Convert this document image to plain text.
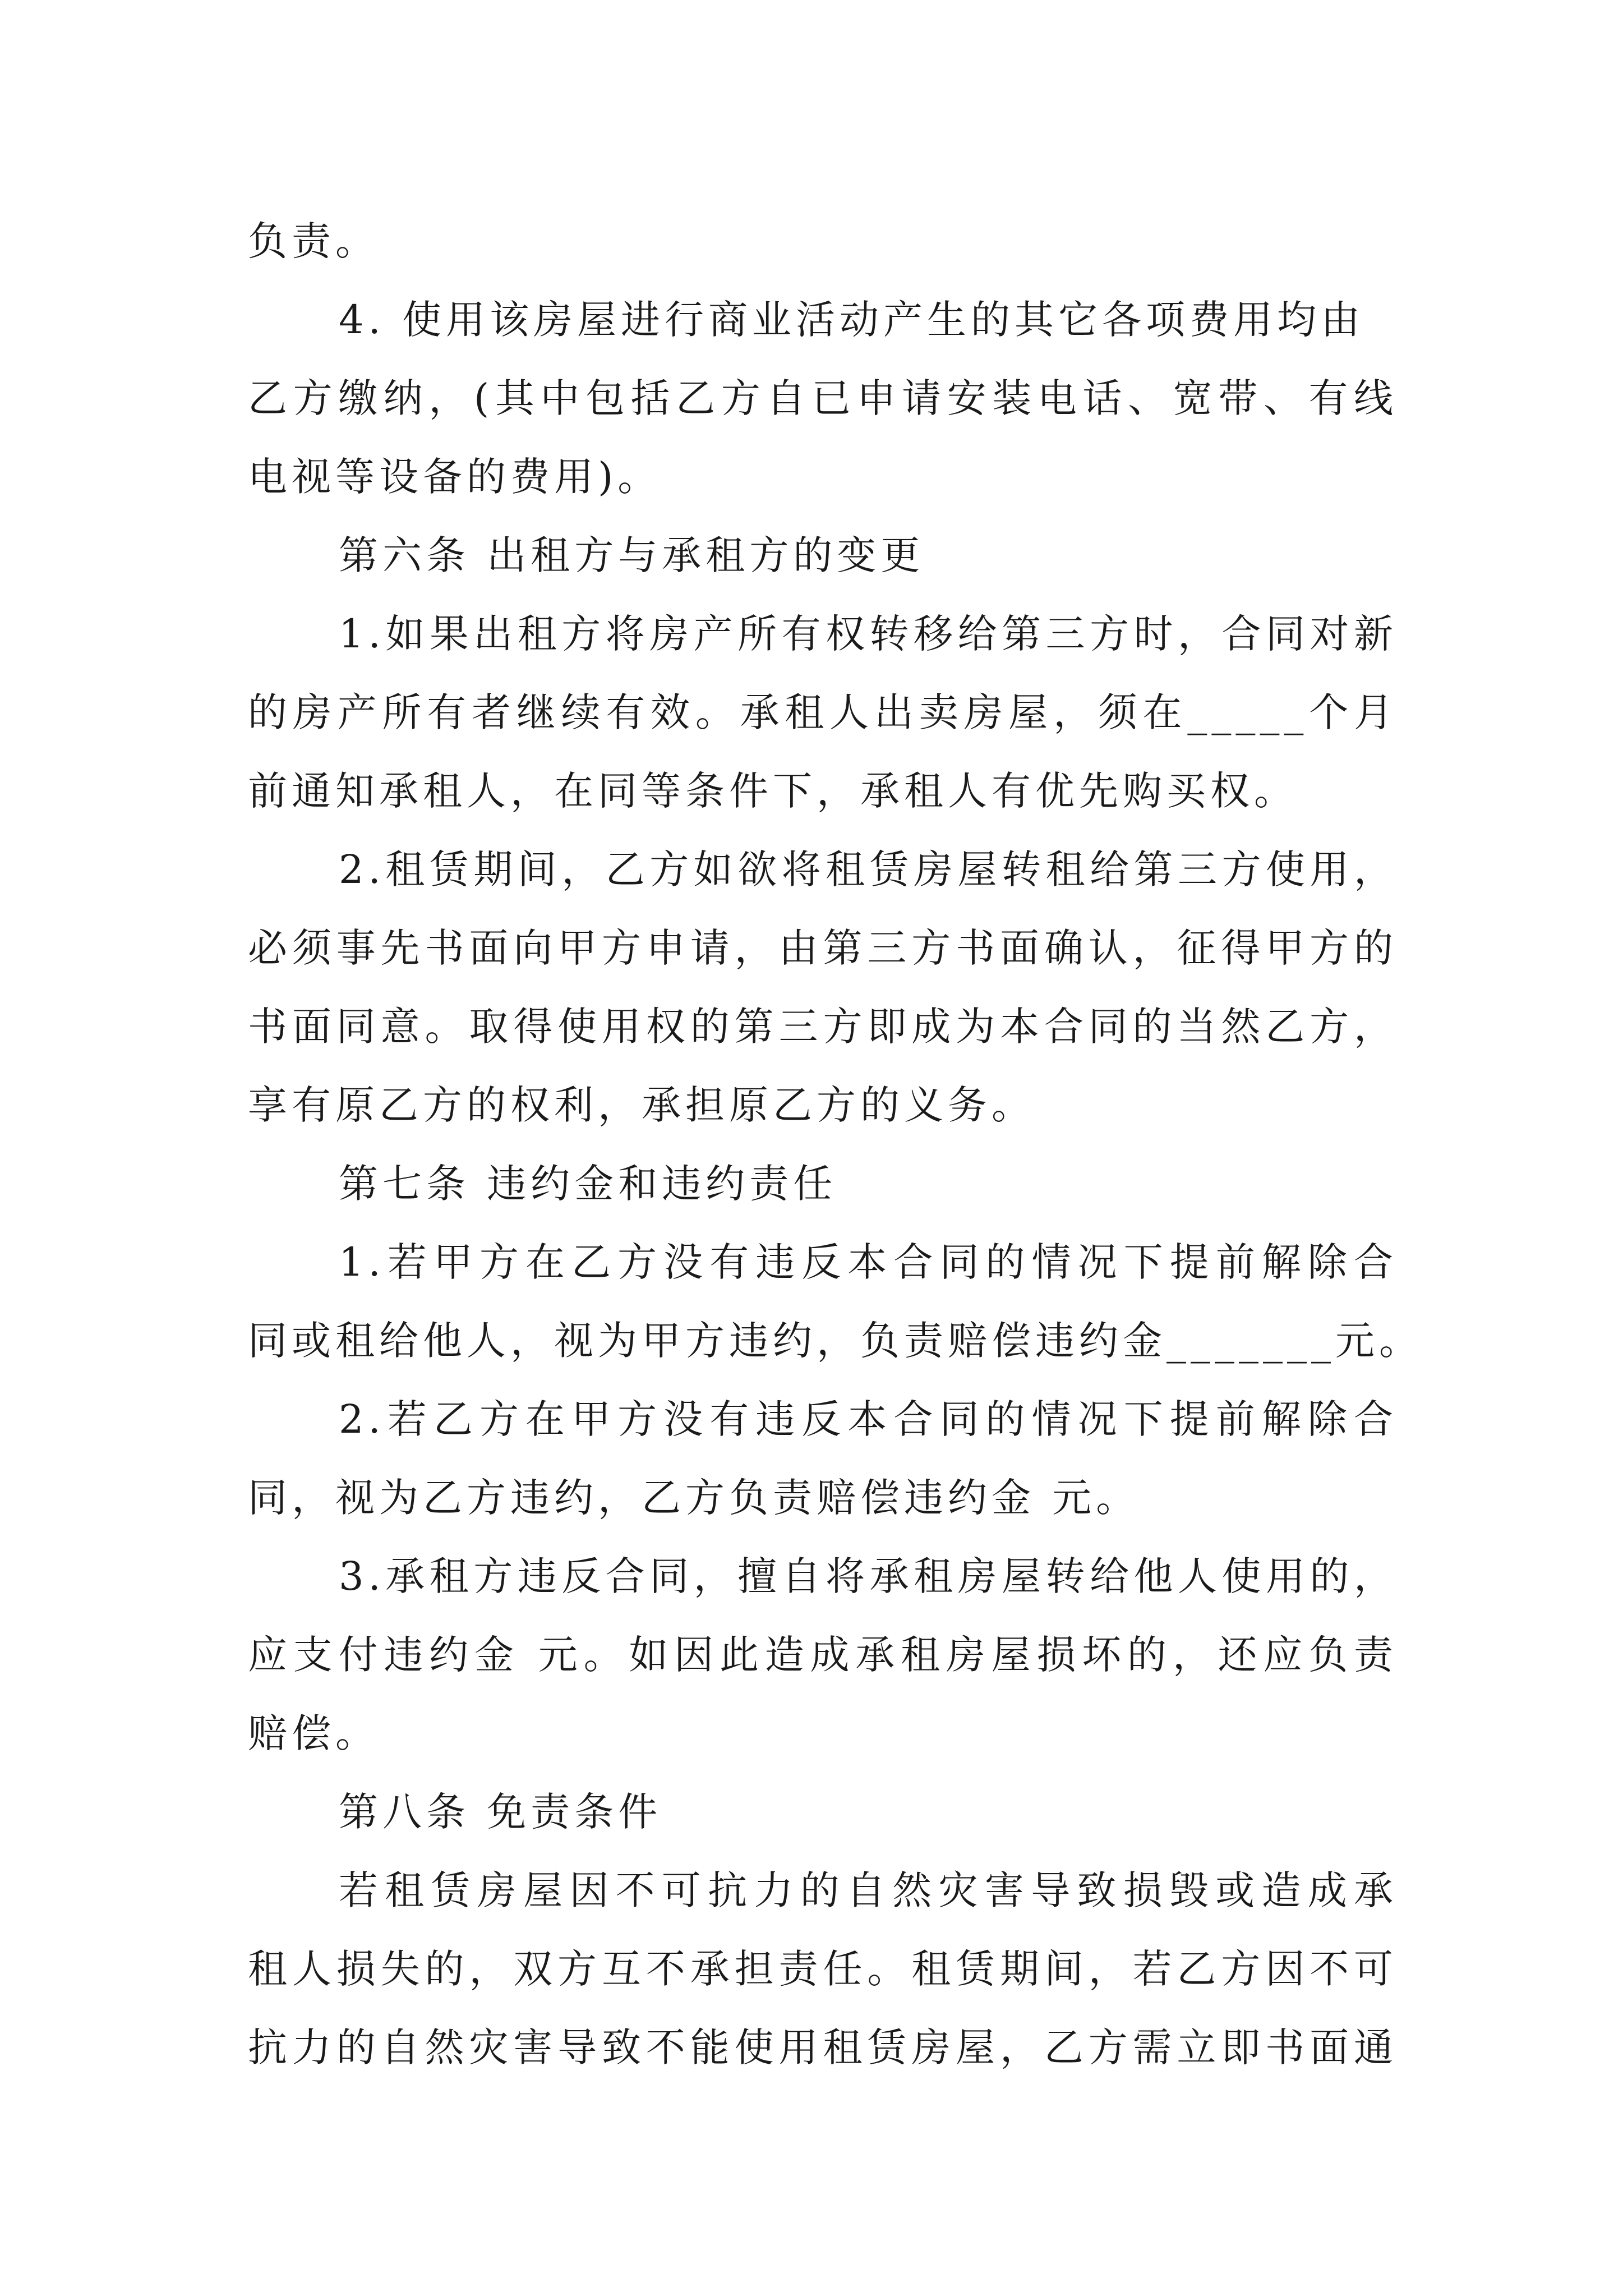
负责。
4. 使用该房屋进行商业活动产生的其它各项费用均由
乙方缴纳，(其中包括乙方自已申请安装电话、宽带、有线
电视等设备的费用)。
第六条 出租方与承租方的变更
1.如果出租方将房产所有权转移给第三方时，合同对新
的房产所有者继续有效。承租人出卖房屋，须在_____个月
前通知承租人，在同等条件下，承租人有优先购买权。
2.租赁期间，乙方如欲将租赁房屋转租给第三方使用，
必须事先书面向甲方申请，由第三方书面确认，征得甲方的
书面同意。取得使用权的第三方即成为本合同的当然乙方，
享有原乙方的权利，承担原乙方的义务。
第七条 违约金和违约责任
1.若甲方在乙方没有违反本合同的情况下提前解除合
同或租给他人，视为甲方违约，负责赔偿违约金_______元。
2.若乙方在甲方没有违反本合同的情况下提前解除合
同，视为乙方违约，乙方负责赔偿违约金 元。
3.承租方违反合同，擅自将承租房屋转给他人使用的，
应支付违约金 元。如因此造成承租房屋损坏的，还应负责
赔偿。
第八条 免责条件
若租赁房屋因不可抗力的自然灾害导致损毁或造成承
租人损失的，双方互不承担责任。租赁期间，若乙方因不可
抗力的自然灾害导致不能使用租赁房屋，乙方需立即书面通
